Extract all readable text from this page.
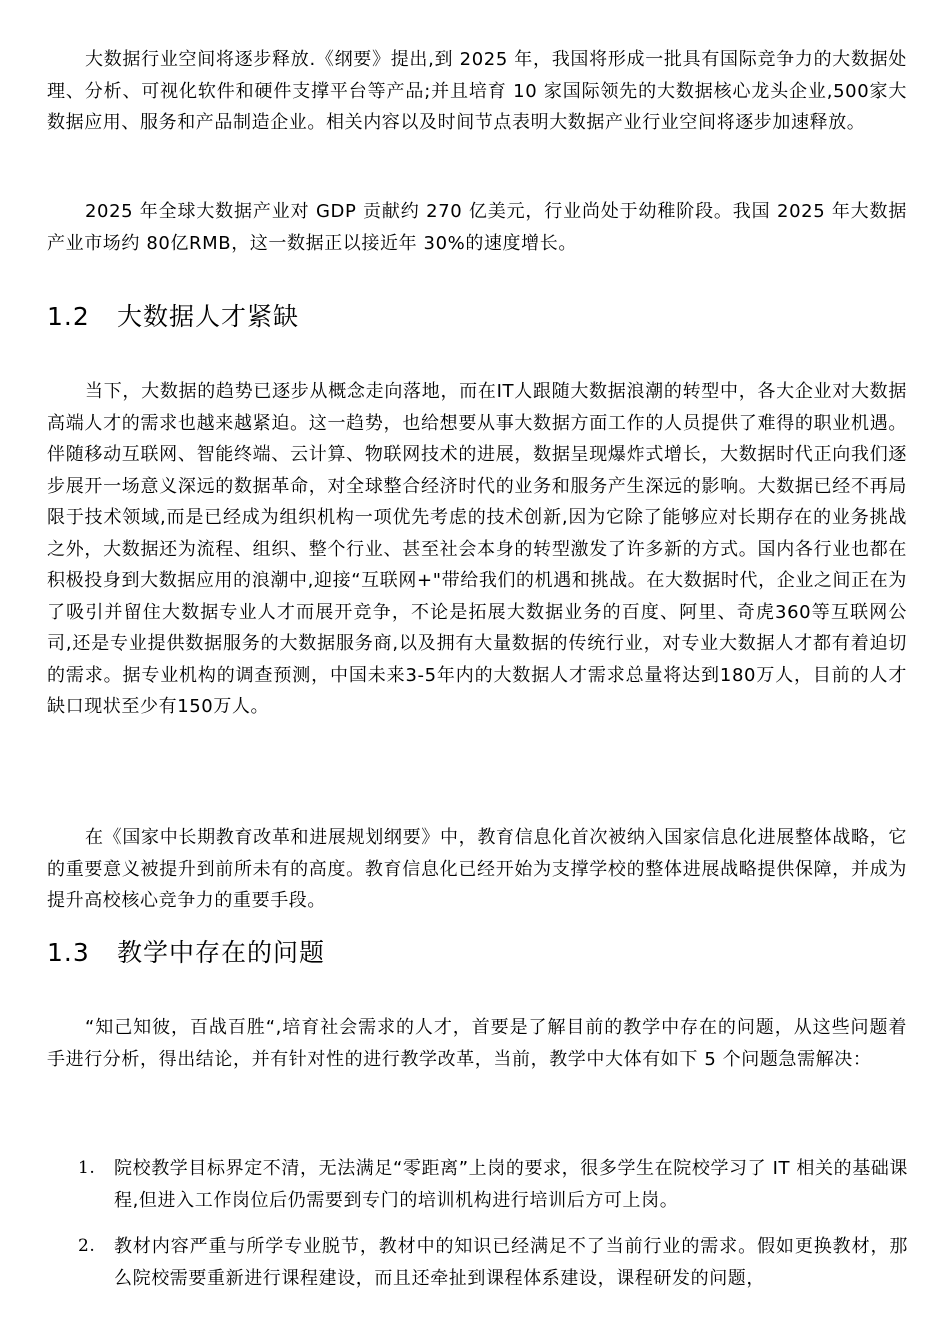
大数据行业空间将逐步释放.《纲要》提出,到 2025 年，我国将形成一批具有国际竞争力的大数据处理、分析、可视化软件和硬件支撑平台等产品;并且培育 10 家国际领先的大数据核心龙头企业,500家大数据应用、服务和产品制造企业。相关内容以及时间节点表明大数据产业行业空间将逐步加速释放。

2025 年全球大数据产业对 GDP 贡献约 270 亿美元，行业尚处于幼稚阶段。我国 2025 年大数据产业市场约 80亿RMB，这一数据正以接近年 30%的速度增长。

1.2 大数据人才紧缺

当下，大数据的趋势已逐步从概念走向落地，而在IT人跟随大数据浪潮的转型中，各大企业对大数据高端人才的需求也越来越紧迫。这一趋势，也给想要从事大数据方面工作的人员提供了难得的职业机遇。伴随移动互联网、智能终端、云计算、物联网技术的进展，数据呈现爆炸式增长，大数据时代正向我们逐步展开一场意义深远的数据革命，对全球整合经济时代的业务和服务产生深远的影响。大数据已经不再局限于技术领域,而是已经成为组织机构一项优先考虑的技术创新,因为它除了能够应对长期存在的业务挑战之外，大数据还为流程、组织、整个行业、甚至社会本身的转型激发了许多新的方式。国内各行业也都在积极投身到大数据应用的浪潮中,迎接“互联网+"带给我们的机遇和挑战。在大数据时代，企业之间正在为了吸引并留住大数据专业人才而展开竞争，不论是拓展大数据业务的百度、阿里、奇虎360等互联网公司,还是专业提供数据服务的大数据服务商,以及拥有大量数据的传统行业，对专业大数据人才都有着迫切的需求。据专业机构的调查预测，中国未来3-5年内的大数据人才需求总量将达到180万人，目前的人才缺口现状至少有150万人。

在《国家中长期教育改革和进展规划纲要》中，教育信息化首次被纳入国家信息化进展整体战略，它的重要意义被提升到前所未有的高度。教育信息化已经开始为支撑学校的整体进展战略提供保障，并成为提升高校核心竞争力的重要手段。

1.3 教学中存在的问题

“知己知彼，百战百胜“,培育社会需求的人才，首要是了解目前的教学中存在的问题，从这些问题着手进行分析，得出结论，并有针对性的进行教学改革，当前，教学中大体有如下 5 个问题急需解决：

1.	院校教学目标界定不清，无法满足“零距离”上岗的要求，很多学生在院校学习了 IT 相关的基础课程,但进入工作岗位后仍需要到专门的培训机构进行培训后方可上岗。
2.	教材内容严重与所学专业脱节，教材中的知识已经满足不了当前行业的需求。假如更换教材，那么院校需要重新进行课程建设，而且还牵扯到课程体系建设，课程研发的问题，
